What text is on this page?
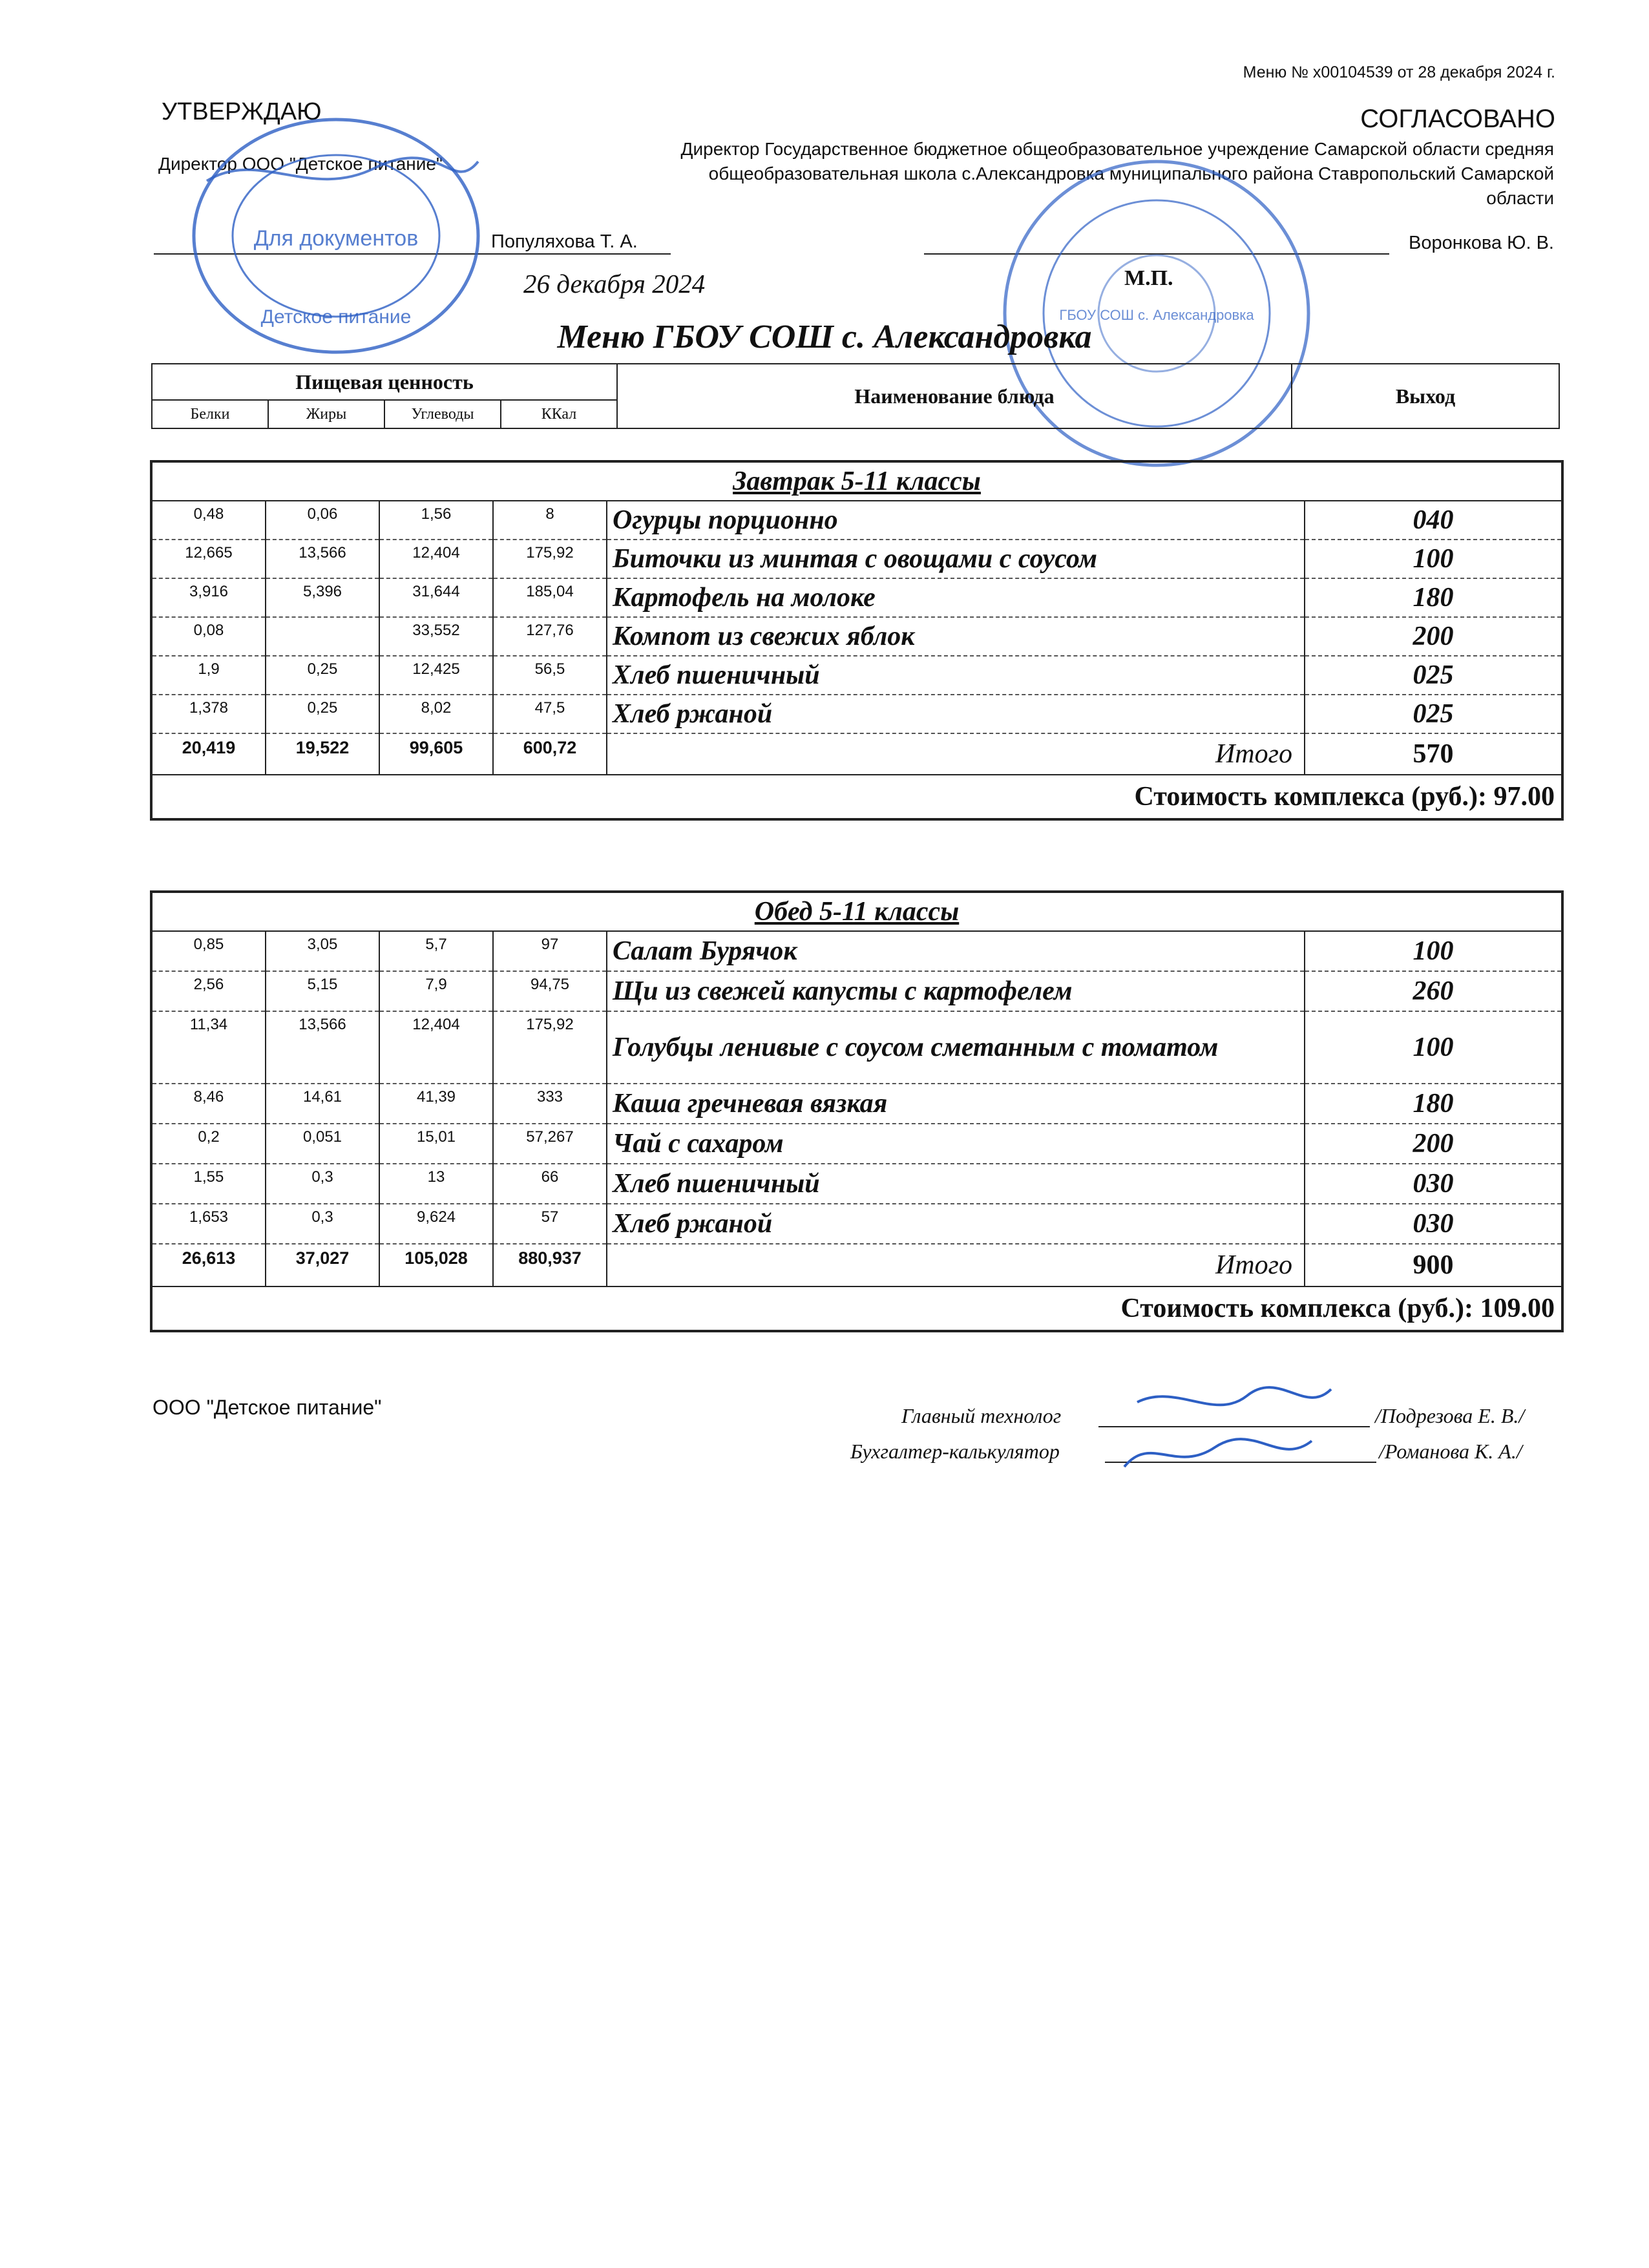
Меню № х00104539 от 28 декабря 2024 г.
УТВЕРЖДАЮ
Директор ООО "Детское питание"
Популяхова Т. А.
26 декабря 2024
СОГЛАСОВАНО
Директор Государственное бюджетное общеобразовательное учреждение Самарской области средняя общеобразовательная школа с.Александровка муниципального района Ставропольский Самарской области
Воронкова Ю. В.
М.П.
Для документов
Детское питание	ГБОУ СОШ с. Александровка
Меню ГБОУ СОШ с. Александровка
Пищевая ценность				Наименование блюда	Выход
Белки	Жиры	Углеводы	ККал		
Завтрак 5-11 классы					
0,48	0,06	1,56	8	Огурцы порционно	040
12,665	13,566	12,404	175,92	Биточки из минтая с овощами с соусом	100
3,916	5,396	31,644	185,04	Картофель на молоке	180
0,08		33,552	127,76	Компот из свежих яблок	200
1,9	0,25	12,425	56,5	Хлеб пшеничный	025
1,378	0,25	8,02	47,5	Хлеб ржаной	025
20,419	19,522	99,605	600,72	Итого	570
Стоимость комплекса (руб.): 97.00					
Обед 5-11 классы					
0,85	3,05	5,7	97	Салат Бурячок	100
2,56	5,15	7,9	94,75	Щи из свежей капусты с картофелем	260
11,34	13,566	12,404	175,92	Голубцы ленивые с соусом сметанным с томатом	100
8,46	14,61	41,39	333	Каша гречневая вязкая	180
0,2	0,051	15,01	57,267	Чай с сахаром	200
1,55	0,3	13	66	Хлеб пшеничный	030
1,653	0,3	9,624	57	Хлеб ржаной	030
26,613	37,027	105,028	880,937	Итого	900
Стоимость комплекса (руб.): 109.00					
ООО "Детское питание"	Главный технолог	/Подрезова Е. В./
Бухгалтер-калькулятор	/Романова К. А./
